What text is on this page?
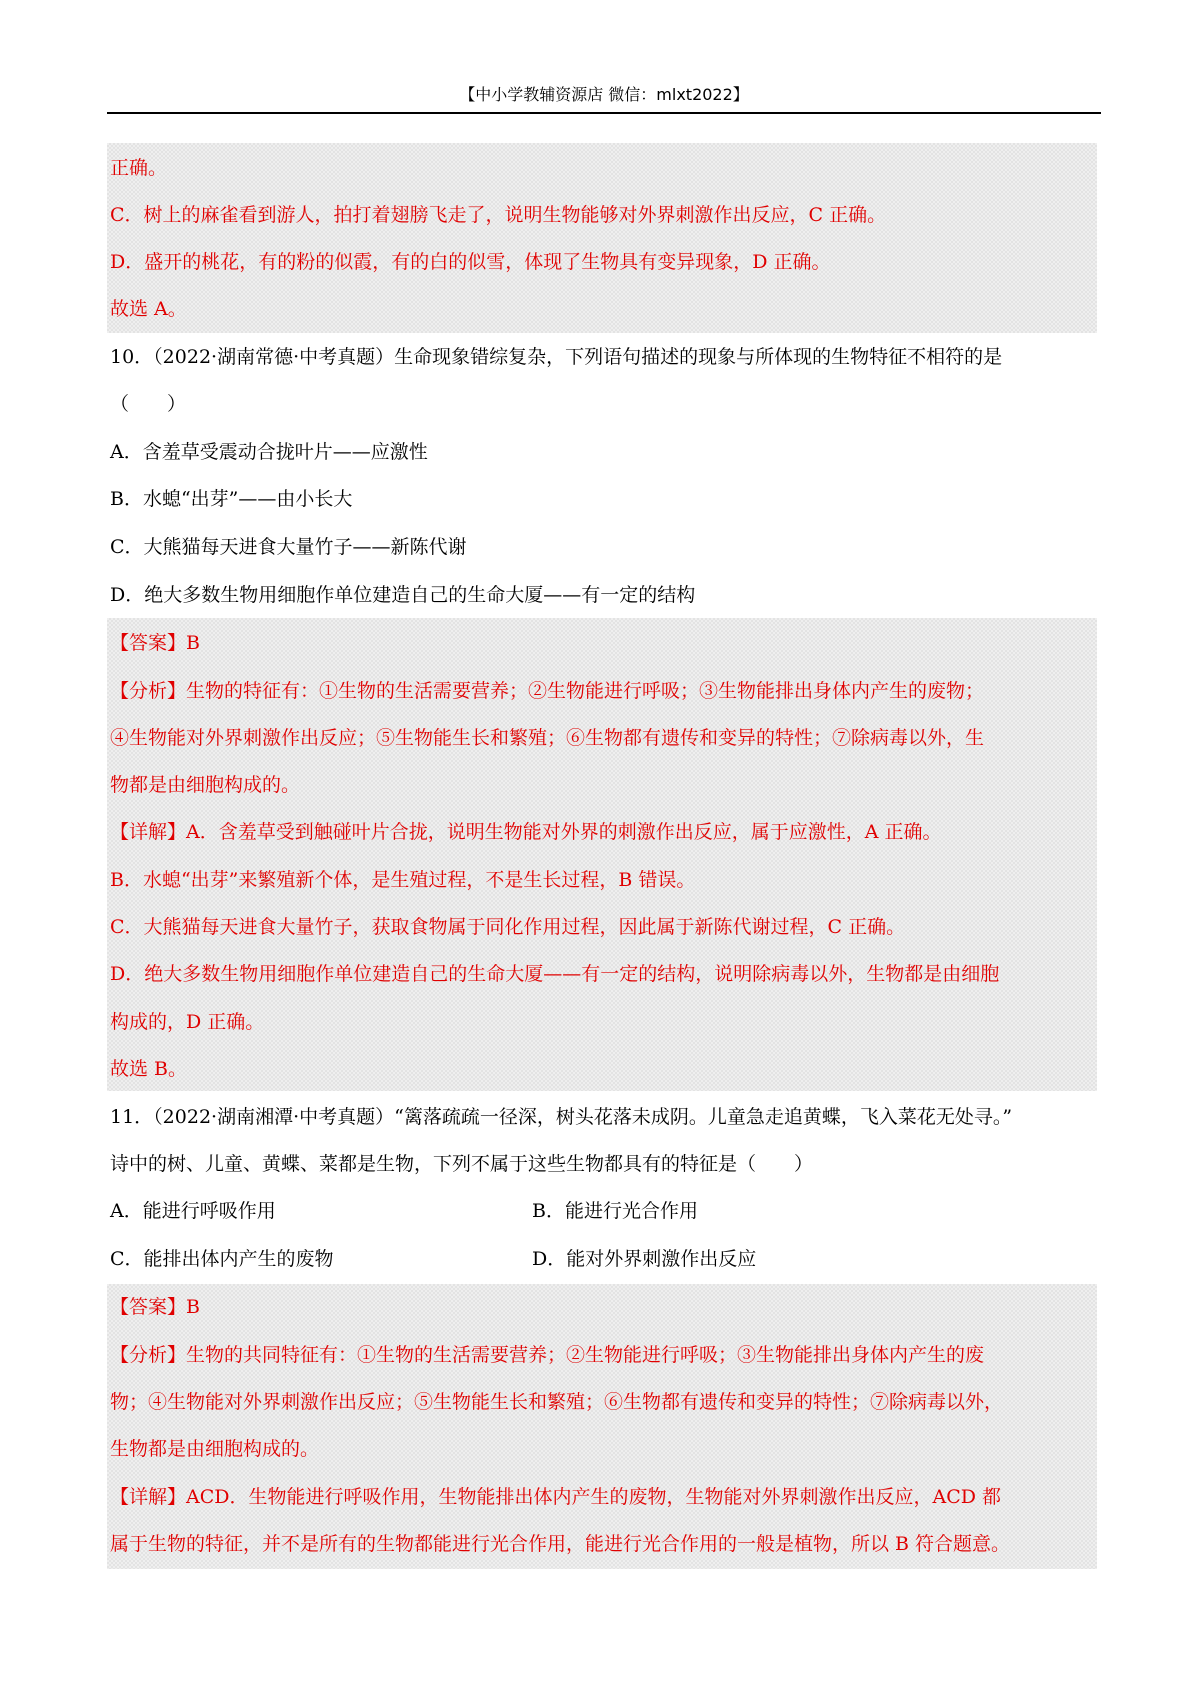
【中小学教辅资源店 微信：mlxt2022】
正确。
C．树上的麻雀看到游人，拍打着翅膀飞走了，说明生物能够对外界刺激作出反应，C 正确。
D．盛开的桃花，有的粉的似霞，有的白的似雪，体现了生物具有变异现象，D 正确。
故选 A。
10．（2022·湖南常德·中考真题）生命现象错综复杂，下列语句描述的现象与所体现的生物特征不相符的是
（　　）
A．含羞草受震动合拢叶片——应激性
B．水螅“出芽”——由小长大
C．大熊猫每天进食大量竹子——新陈代谢
D．绝大多数生物用细胞作单位建造自己的生命大厦——有一定的结构
【答案】B
【分析】生物的特征有：①生物的生活需要营养；②生物能进行呼吸；③生物能排出身体内产生的废物；
④生物能对外界刺激作出反应；⑤生物能生长和繁殖；⑥生物都有遗传和变异的特性；⑦除病毒以外，生
物都是由细胞构成的。
【详解】A．含羞草受到触碰叶片合拢，说明生物能对外界的刺激作出反应，属于应激性，A 正确。
B．水螅“出芽”来繁殖新个体，是生殖过程，不是生长过程，B 错误。
C．大熊猫每天进食大量竹子，获取食物属于同化作用过程，因此属于新陈代谢过程，C 正确。
D．绝大多数生物用细胞作单位建造自己的生命大厦——有一定的结构，说明除病毒以外，生物都是由细胞
构成的，D 正确。
故选 B。
11．（2022·湖南湘潭·中考真题）“篱落疏疏一径深，树头花落未成阴。儿童急走追黄蝶，飞入菜花无处寻。”
诗中的树、儿童、黄蝶、菜都是生物，下列不属于这些生物都具有的特征是（　　）
A．能进行呼吸作用	B．能进行光合作用
C．能排出体内产生的废物	D．能对外界刺激作出反应
【答案】B
【分析】生物的共同特征有：①生物的生活需要营养；②生物能进行呼吸；③生物能排出身体内产生的废
物；④生物能对外界刺激作出反应；⑤生物能生长和繁殖；⑥生物都有遗传和变异的特性；⑦除病毒以外，
生物都是由细胞构成的。
【详解】ACD．生物能进行呼吸作用，生物能排出体内产生的废物，生物能对外界刺激作出反应，ACD 都
属于生物的特征，并不是所有的生物都能进行光合作用，能进行光合作用的一般是植物，所以 B 符合题意。
